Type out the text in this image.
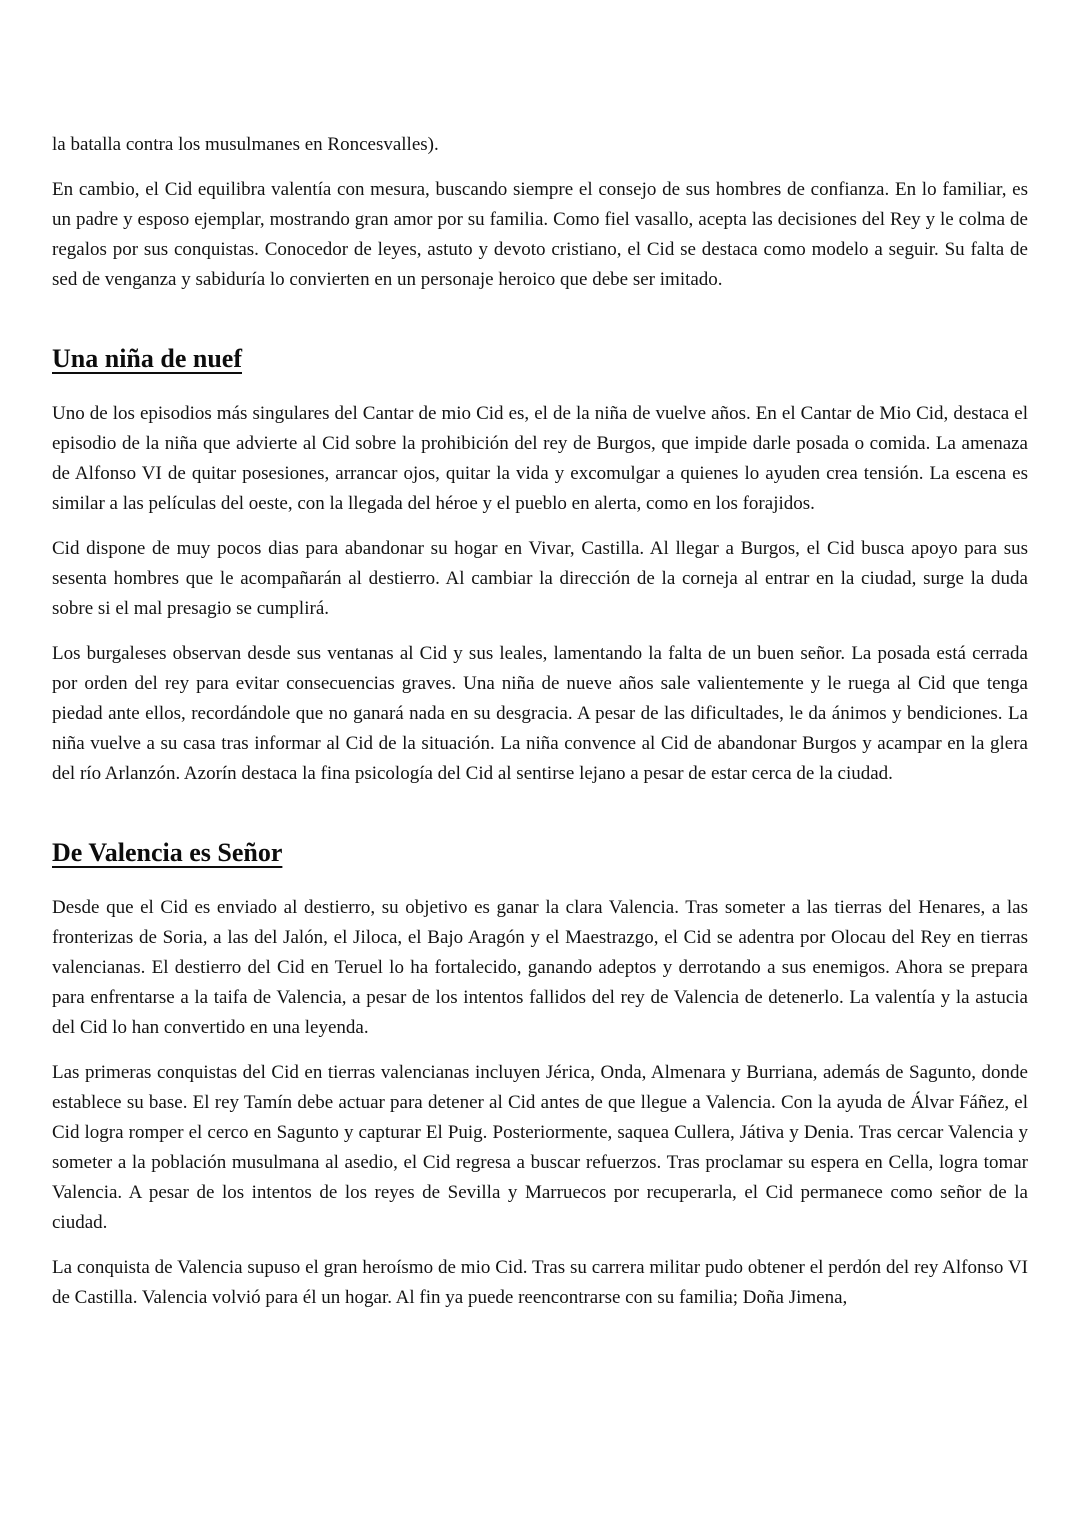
la batalla contra los musulmanes en Roncesvalles).

En cambio, el Cid equilibra valentía con mesura, buscando siempre el consejo de sus hombres de confianza. En lo familiar, es un padre y esposo ejemplar, mostrando gran amor por su familia. Como fiel vasallo, acepta las decisiones del Rey y le colma de regalos por sus conquistas. Conocedor de leyes, astuto y devoto cristiano, el Cid se destaca como modelo a seguir. Su falta de sed de venganza y sabiduría lo convierten en un personaje heroico que debe ser imitado.

Una niña de nuef

Uno de los episodios más singulares del Cantar de mio Cid es, el de la niña de vuelve años. En el Cantar de Mio Cid, destaca el episodio de la niña que advierte al Cid sobre la prohibición del rey de Burgos, que impide darle posada o comida. La amenaza de Alfonso VI de quitar posesiones, arrancar ojos, quitar la vida y excomulgar a quienes lo ayuden crea tensión. La escena es similar a las películas del oeste, con la llegada del héroe y el pueblo en alerta, como en los forajidos.

Cid dispone de muy pocos dias para abandonar su hogar en Vivar, Castilla. Al llegar a Burgos, el Cid busca apoyo para sus sesenta hombres que le acompañarán al destierro. Al cambiar la dirección de la corneja al entrar en la ciudad, surge la duda sobre si el mal presagio se cumplirá.

Los burgaleses observan desde sus ventanas al Cid y sus leales, lamentando la falta de un buen señor. La posada está cerrada por orden del rey para evitar consecuencias graves. Una niña de nueve años sale valientemente y le ruega al Cid que tenga piedad ante ellos, recordándole que no ganará nada en su desgracia. A pesar de las dificultades, le da ánimos y bendiciones. La niña vuelve a su casa tras informar al Cid de la situación. La niña convence al Cid de abandonar Burgos y acampar en la glera del río Arlanzón. Azorín destaca la fina psicología del Cid al sentirse lejano a pesar de estar cerca de la ciudad.

De Valencia es Señor

Desde que el Cid es enviado al destierro, su objetivo es ganar la clara Valencia. Tras someter a las tierras del Henares, a las fronterizas de Soria, a las del Jalón, el Jiloca, el Bajo Aragón y el Maestrazgo, el Cid se adentra por Olocau del Rey en tierras valencianas. El destierro del Cid en Teruel lo ha fortalecido, ganando adeptos y derrotando a sus enemigos. Ahora se prepara para enfrentarse a la taifa de Valencia, a pesar de los intentos fallidos del rey de Valencia de detenerlo. La valentía y la astucia del Cid lo han convertido en una leyenda.

Las primeras conquistas del Cid en tierras valencianas incluyen Jérica, Onda, Almenara y Burriana, además de Sagunto, donde establece su base. El rey Tamín debe actuar para detener al Cid antes de que llegue a Valencia. Con la ayuda de Álvar Fáñez, el Cid logra romper el cerco en Sagunto y capturar El Puig. Posteriormente, saquea Cullera, Játiva y Denia. Tras cercar Valencia y someter a la población musulmana al asedio, el Cid regresa a buscar refuerzos. Tras proclamar su espera en Cella, logra tomar Valencia. A pesar de los intentos de los reyes de Sevilla y Marruecos por recuperarla, el Cid permanece como señor de la ciudad.

La conquista de Valencia supuso el gran heroísmo de mio Cid. Tras su carrera militar pudo obtener el perdón del rey Alfonso VI de Castilla. Valencia volvió para él un hogar. Al fin ya puede reencontrarse con su familia; Doña Jimena,
